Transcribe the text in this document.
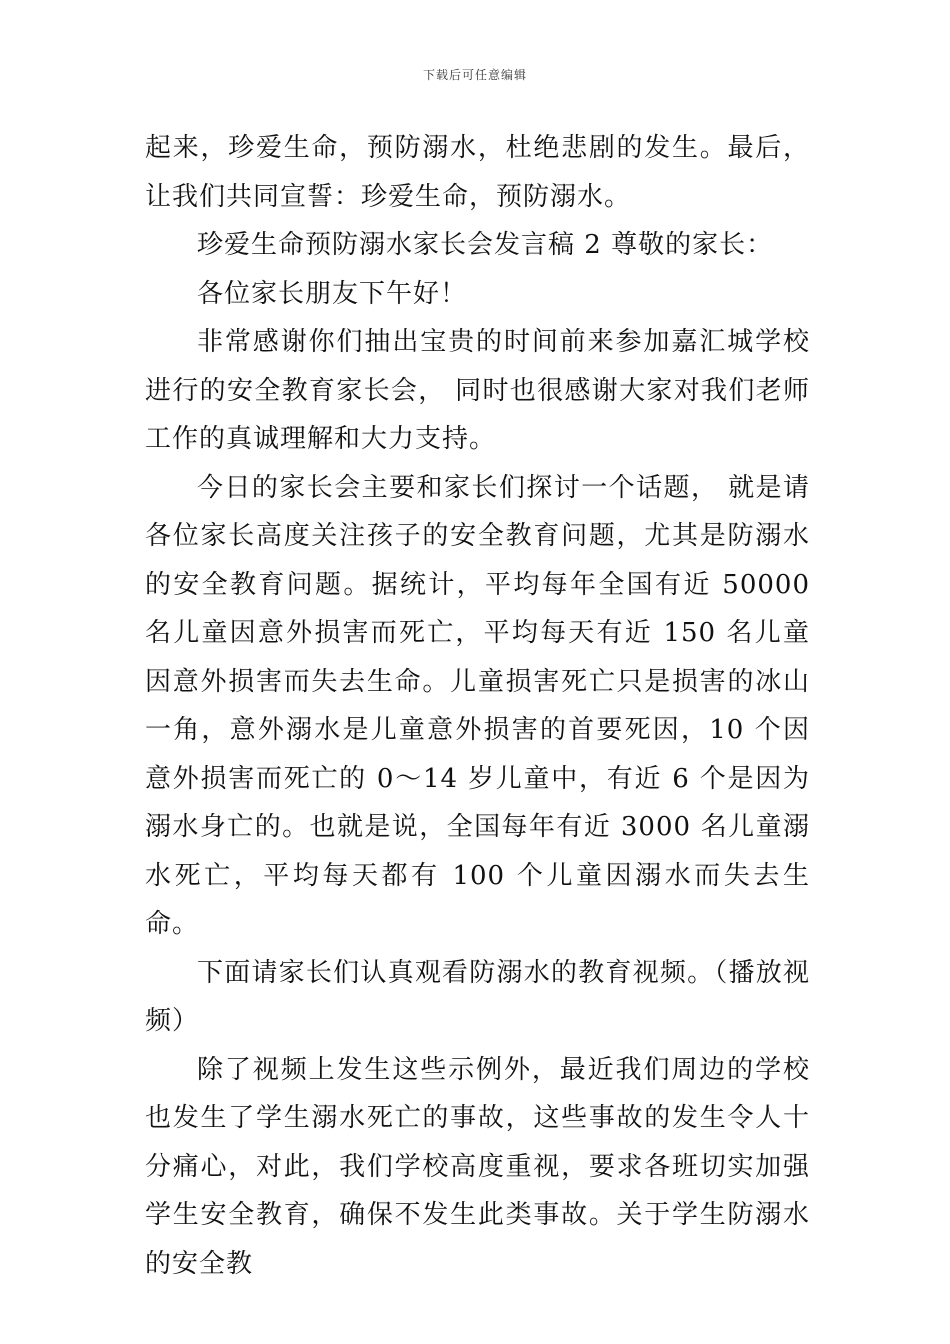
下载后可任意编辑

起来，珍爱生命，预防溺水，杜绝悲剧的发生。最后，让我们共同宣誓：珍爱生命，预防溺水。

珍爱生命预防溺水家长会发言稿 2 尊敬的家长：

各位家长朋友下午好！

非常感谢你们抽出宝贵的时间前来参加嘉汇城学校进行的安全教育家长会， 同时也很感谢大家对我们老师工作的真诚理解和大力支持。

今日的家长会主要和家长们探讨一个话题， 就是请各位家长高度关注孩子的安全教育问题，尤其是防溺水的安全教育问题。据统计，平均每年全国有近 50000 名儿童因意外损害而死亡，平均每天有近 150 名儿童因意外损害而失去生命。儿童损害死亡只是损害的冰山一角，意外溺水是儿童意外损害的首要死因，10 个因意外损害而死亡的 0～14 岁儿童中，有近 6 个是因为溺水身亡的。也就是说，全国每年有近 3000 名儿童溺水死亡，平均每天都有 100 个儿童因溺水而失去生命。

下面请家长们认真观看防溺水的教育视频。（播放视频）

除了视频上发生这些示例外，最近我们周边的学校也发生了学生溺水死亡的事故，这些事故的发生令人十分痛心，对此，我们学校高度重视，要求各班切实加强学生安全教育，确保不发生此类事故。关于学生防溺水的安全教
